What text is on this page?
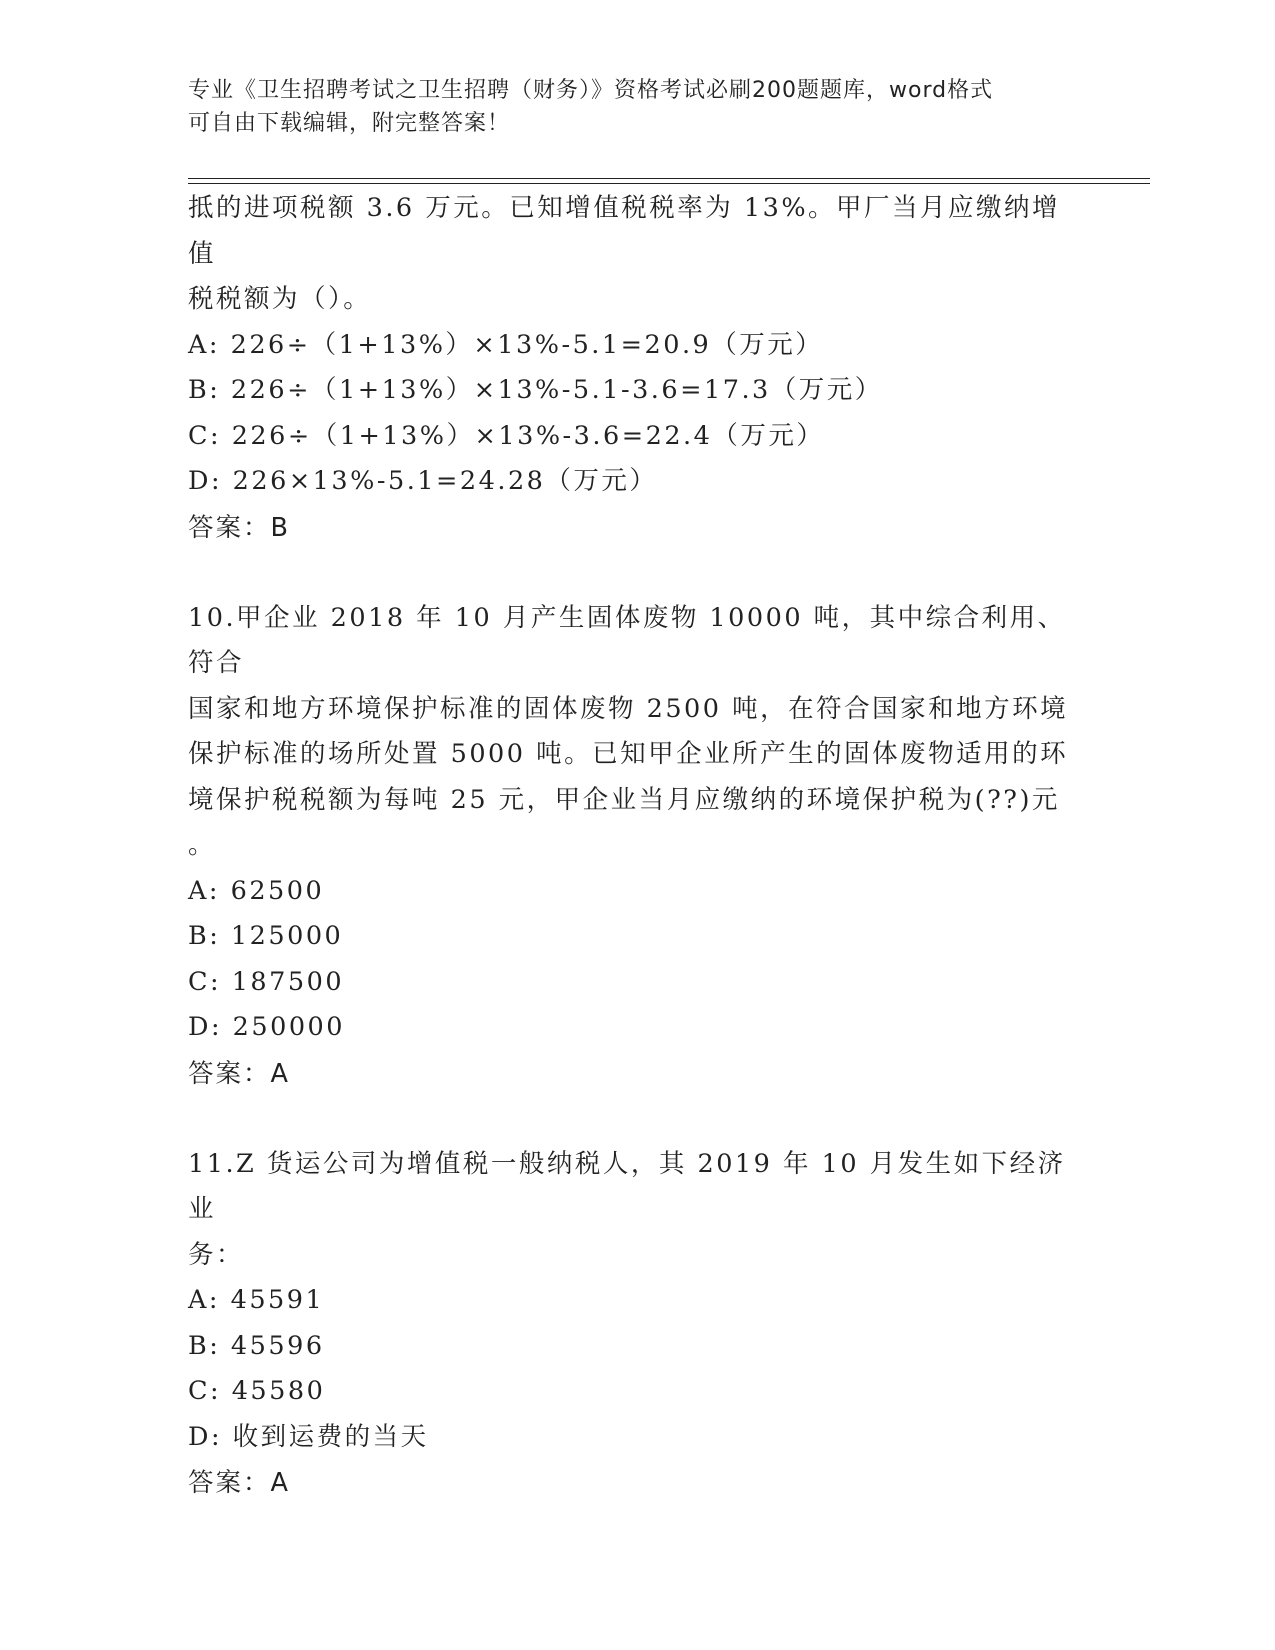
专业《卫生招聘考试之卫生招聘（财务）》资格考试必刷200题题库，word格式
可自由下载编辑，附完整答案！
抵的进项税额 3.6 万元。已知增值税税率为 13%。甲厂当月应缴纳增值
税税额为（）。
A: 226÷（1+13%）×13%-5.1=20.9（万元）
B: 226÷（1+13%）×13%-5.1-3.6=17.3（万元）
C: 226÷（1+13%）×13%-3.6=22.4（万元）
D: 226×13%-5.1=24.28（万元）
答案：B
10.甲企业 2018 年 10 月产生固体废物 10000 吨，其中综合利用、符合
国家和地方环境保护标准的固体废物 2500 吨，在符合国家和地方环境
保护标准的场所处置 5000 吨。已知甲企业所产生的固体废物适用的环
境保护税税额为每吨 25 元，甲企业当月应缴纳的环境保护税为(??)元
。
A: 62500
B: 125000
C: 187500
D: 250000
答案：A
11.Z 货运公司为增值税一般纳税人，其 2019 年 10 月发生如下经济业
务：
A: 45591
B: 45596
C: 45580
D: 收到运费的当天
答案：A
